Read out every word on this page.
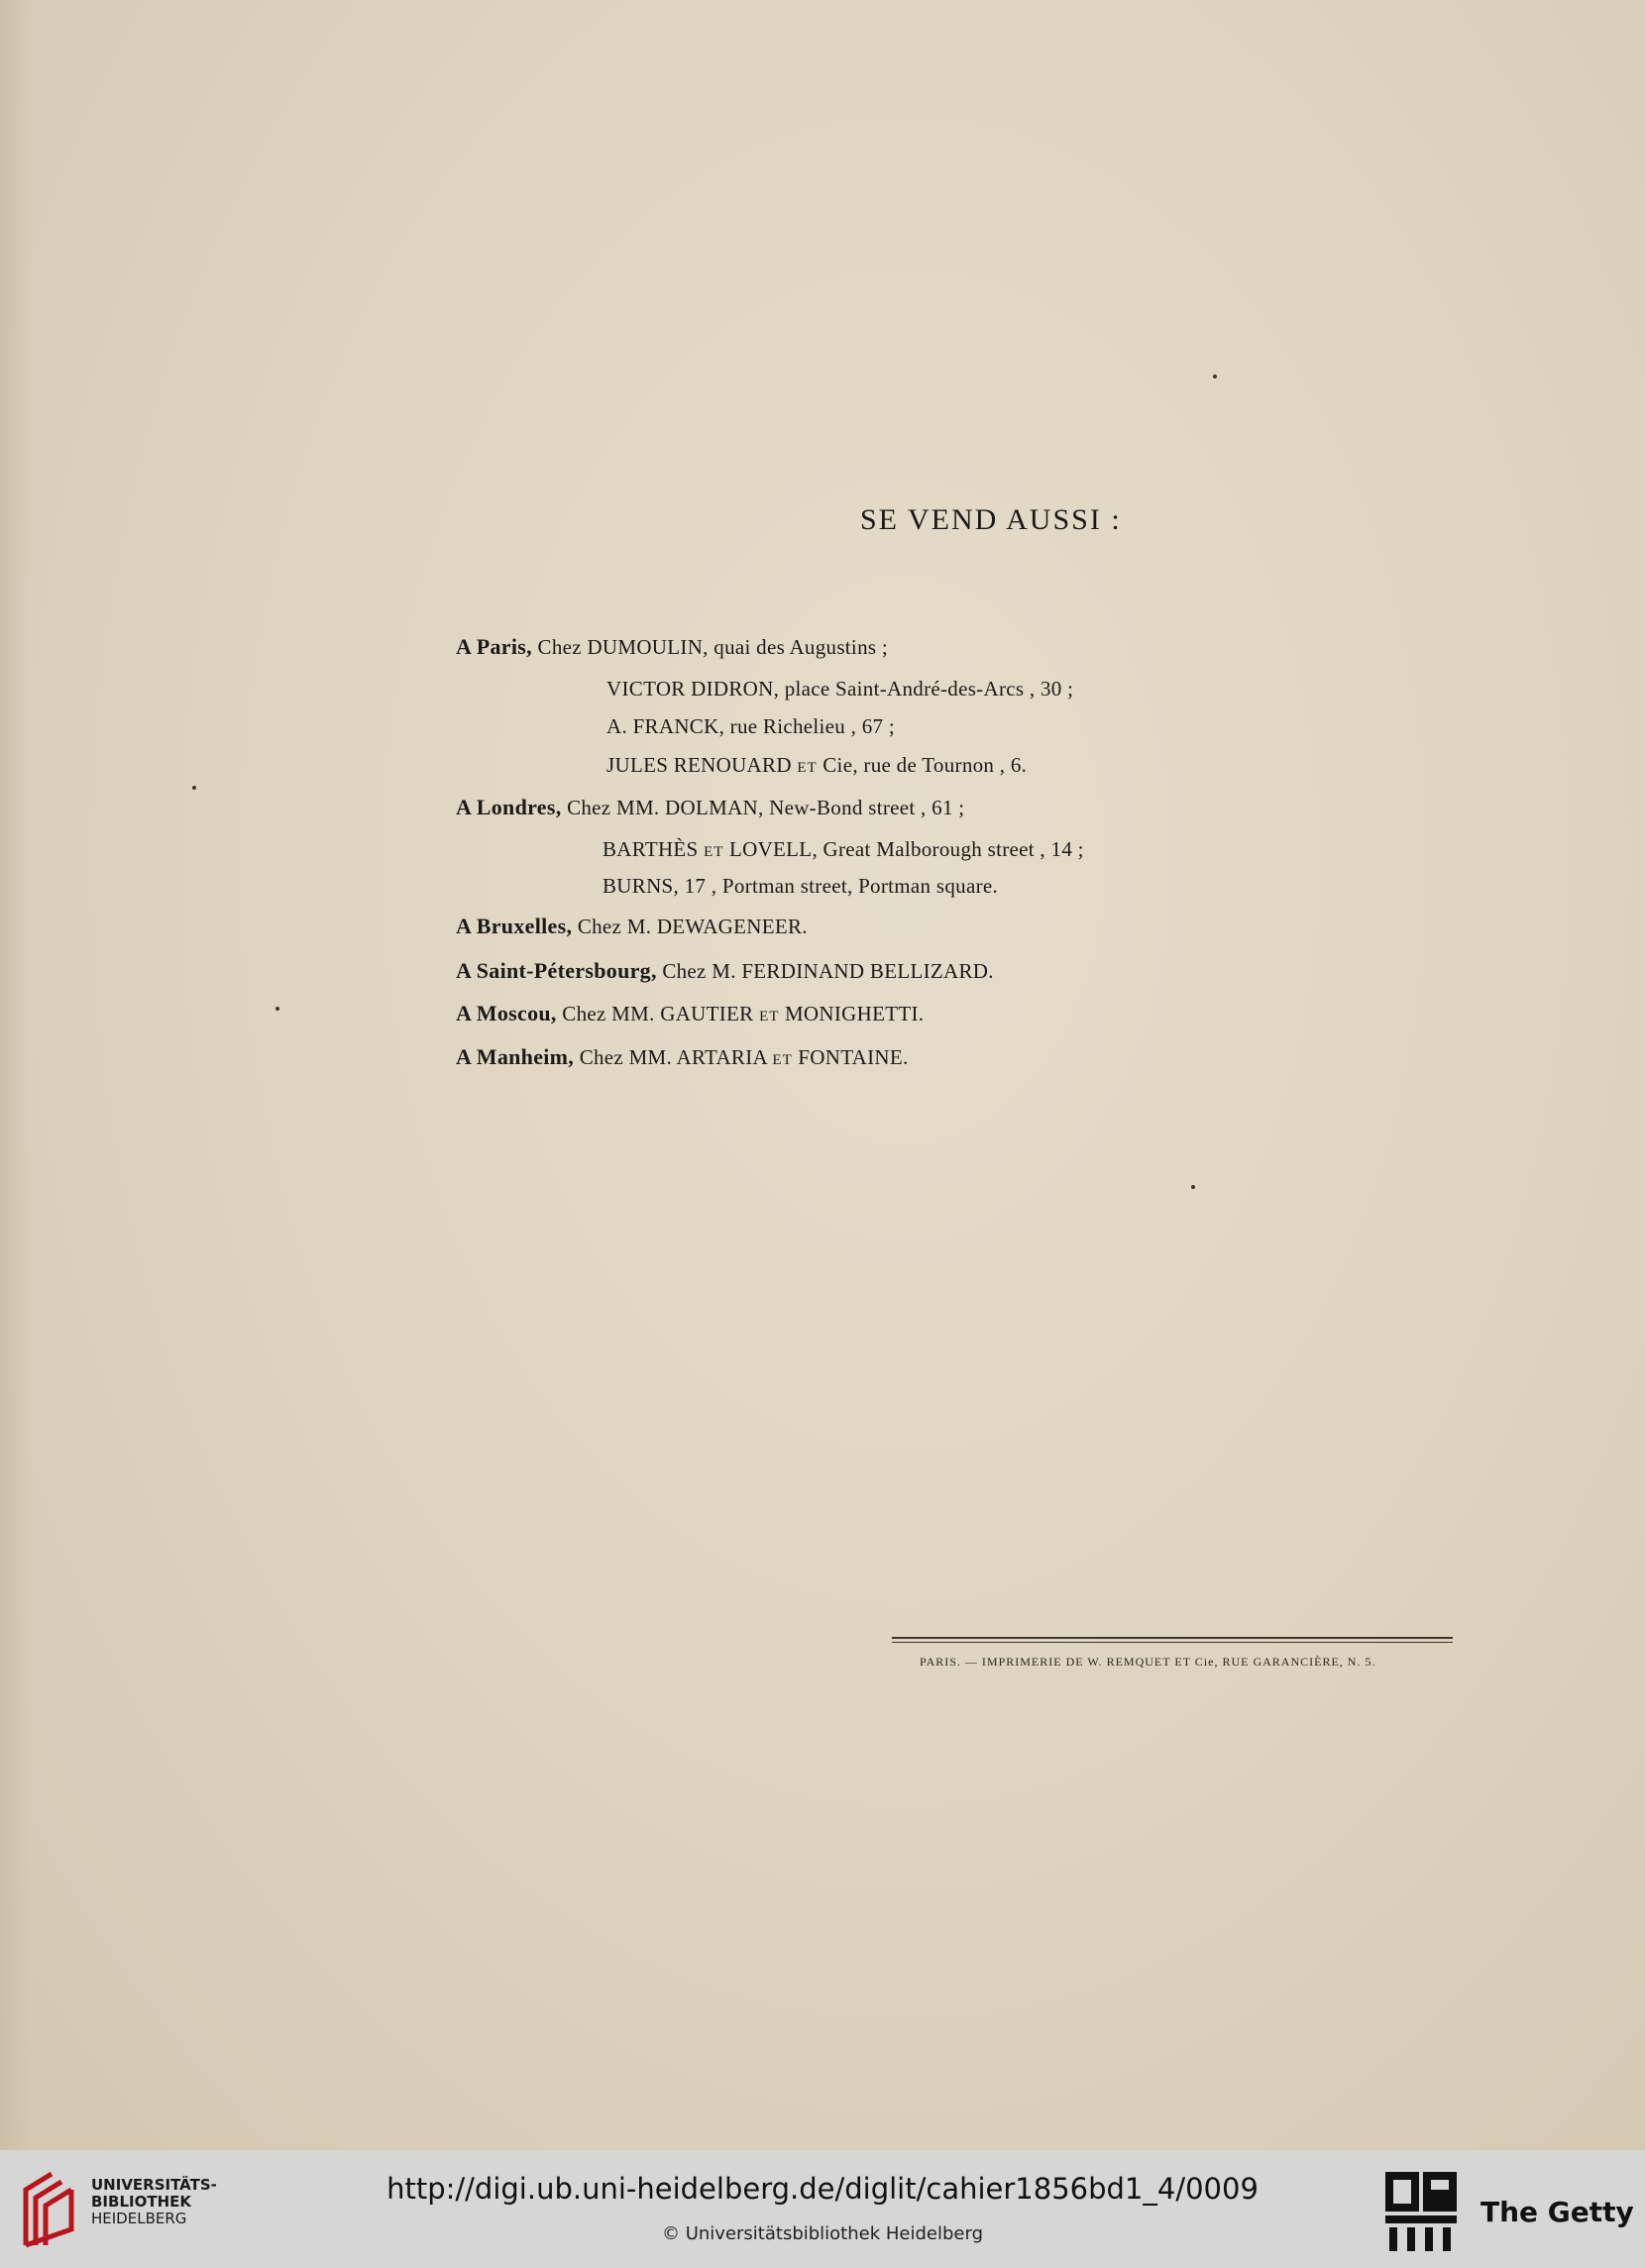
SE VEND AUSSI :
A Paris, Chez DUMOULIN, quai des Augustins ;
VICTOR DIDRON, place Saint-André-des-Arcs , 30 ;
A. FRANCK, rue Richelieu , 67 ;
JULES RENOUARD ET Cie, rue de Tournon , 6.
A Londres, Chez MM. DOLMAN, New-Bond street , 61 ;
BARTHÈS ET LOVELL, Great Malborough street , 14 ;
BURNS, 17 , Portman street, Portman square.
A Bruxelles, Chez M. DEWAGENEER.
A Saint-Pétersbourg, Chez M. FERDINAND BELLIZARD.
A Moscou, Chez MM. GAUTIER ET MONIGHETTI.
A Manheim, Chez MM. ARTARIA ET FONTAINE.
PARIS. — IMPRIMERIE DE W. REMQUET ET Cie, RUE GARANCIÈRE, N. 5.
UNIVERSITÄTS-
BIBLIOTHEK
HEIDELBERG
http://digi.ub.uni-heidelberg.de/diglit/cahier1856bd1_4/0009
© Universitätsbibliothek Heidelberg
The Getty
